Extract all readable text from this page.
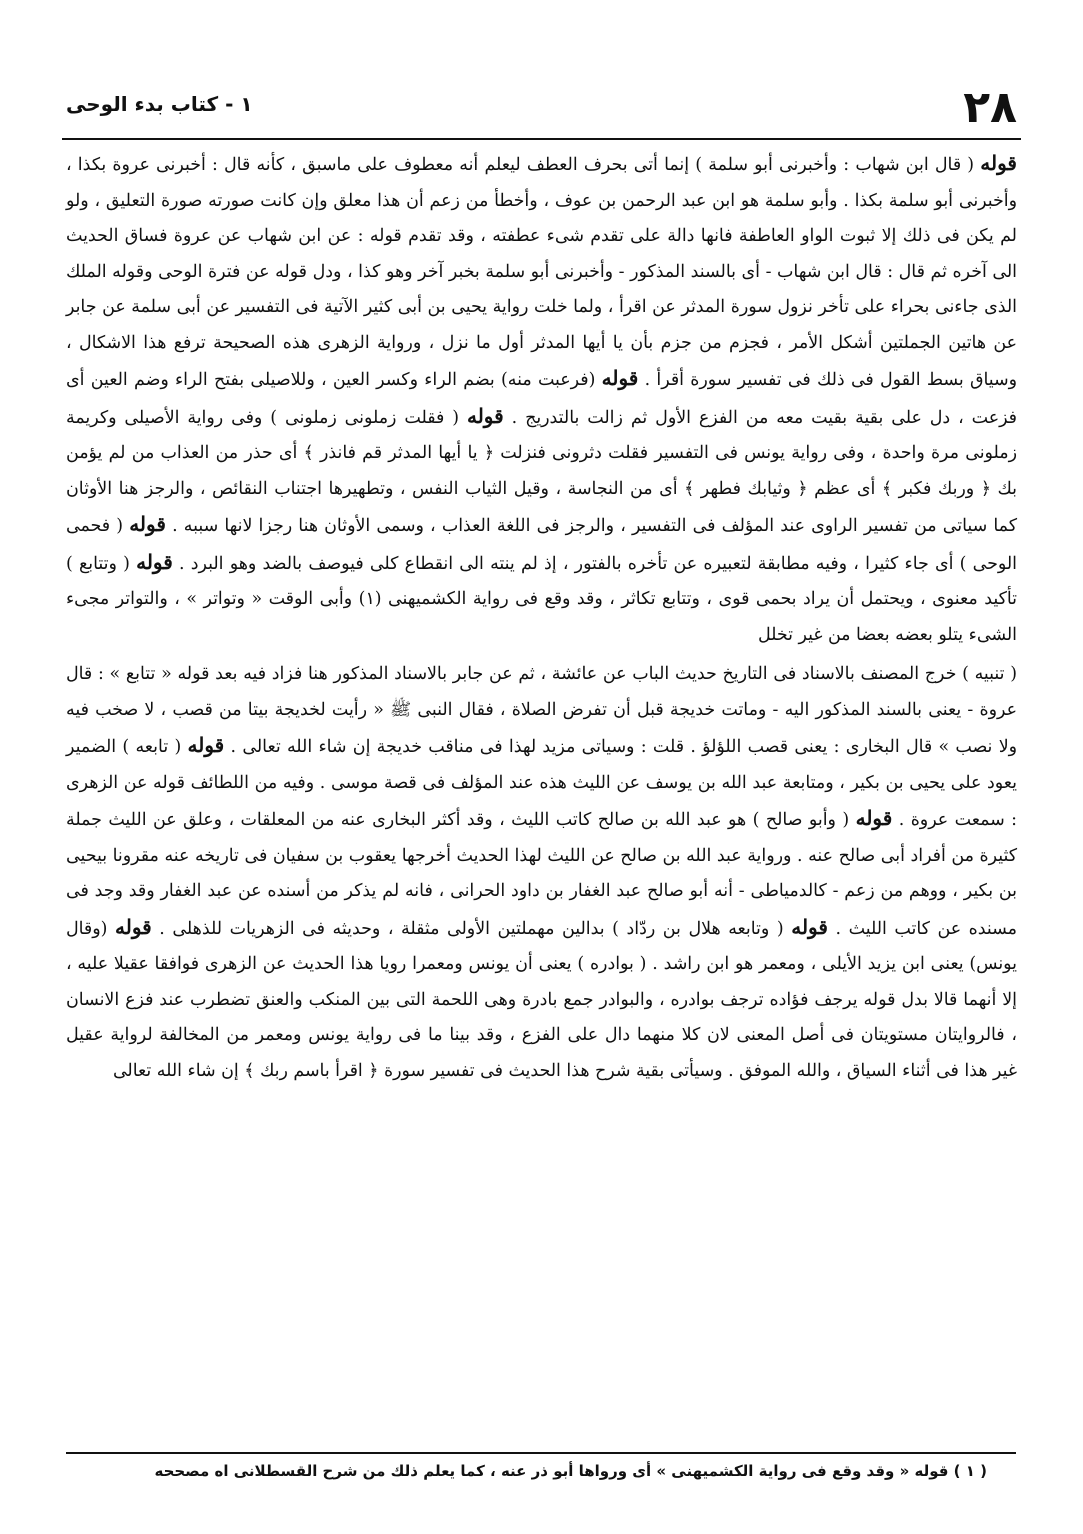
٢٨
١ - كتاب بدء الوحى

قوله ( قال ابن شهاب : وأخبرنى أبو سلمة ) إنما أتى بحرف العطف ليعلم أنه معطوف على ماسبق ، كأنه قال : أخبرنى عروة بكذا ، وأخبرنى أبو سلمة بكذا . وأبو سلمة هو ابن عبد الرحمن بن عوف ، وأخطأ من زعم أن هذا معلق وإن كانت صورته صورة التعليق ، ولو لم يكن فى ذلك إلا ثبوت الواو العاطفة فانها دالة على تقدم شىء عطفته ، وقد تقدم قوله : عن ابن شهاب عن عروة فساق الحديث الى آخره ثم قال : قال ابن شهاب - أى بالسند المذكور - وأخبرنى أبو سلمة بخبر آخر وهو كذا ، ودل قوله عن فترة الوحى وقوله الملك الذى جاءنى بحراء على تأخر نزول سورة المدثر عن اقرأ ، ولما خلت رواية يحيى بن أبى كثير الآتية فى التفسير عن أبى سلمة عن جابر عن هاتين الجملتين أشكل الأمر ، فجزم من جزم بأن يا أيها المدثر أول ما نزل ، ورواية الزهرى هذه الصحيحة ترفع هذا الاشكال ، وسياق بسط القول فى ذلك فى تفسير سورة أقرأ . قوله (فرعبت منه) بضم الراء وكسر العين ، وللاصيلى بفتح الراء وضم العين أى فزعت ، دل على بقية بقيت معه من الفزع الأول ثم زالت بالتدريج . قوله ( فقلت زملونى زملونى ) وفى رواية الأصيلى وكريمة زملونى مرة واحدة ، وفى رواية يونس فى التفسير فقلت دثرونى فنزلت ﴿ يا أيها المدثر قم فانذر ﴾ أى حذر من العذاب من لم يؤمن بك ﴿ وربك فكبر ﴾ أى عظم ﴿ وثيابك فطهر ﴾ أى من النجاسة ، وقيل الثياب النفس ، وتطهيرها اجتناب النقائص ، والرجز هنا الأوثان كما سياتى من تفسير الراوى عند المؤلف فى التفسير ، والرجز فى اللغة العذاب ، وسمى الأوثان هنا رجزا لانها سببه . قوله ( فحمى الوحى ) أى جاء كثيرا ، وفيه مطابقة لتعبيره عن تأخره بالفتور ، إذ لم ينته الى انقطاع كلى فيوصف بالضد وهو البرد . قوله ( وتتابع ) تأكيد معنوى ، ويحتمل أن يراد بحمى قوى ، وتتابع تكاثر ، وقد وقع فى رواية الكشميهنى (١) وأبى الوقت « وتواتر » ، والتواتر مجىء الشىء يتلو بعضه بعضا من غير تخلل

( تنبيه ) خرج المصنف بالاسناد فى التاريخ حديث الباب عن عائشة ، ثم عن جابر بالاسناد المذكور هنا فزاد فيه بعد قوله « تتابع » : قال عروة - يعنى بالسند المذكور اليه - وماتت خديجة قبل أن تفرض الصلاة ، فقال النبى ﷺ « رأيت لخديجة بيتا من قصب ، لا صخب فيه ولا نصب » قال البخارى : يعنى قصب اللؤلؤ . قلت : وسياتى مزيد لهذا فى مناقب خديجة إن شاء الله تعالى . قوله ( تابعه ) الضمير يعود على يحيى بن بكير ، ومتابعة عبد الله بن يوسف عن الليث هذه عند المؤلف فى قصة موسى . وفيه من اللطائف قوله عن الزهرى : سمعت عروة . قوله ( وأبو صالح ) هو عبد الله بن صالح كاتب الليث ، وقد أكثر البخارى عنه من المعلقات ، وعلق عن الليث جملة كثيرة من أفراد أبى صالح عنه . ورواية عبد الله بن صالح عن الليث لهذا الحديث أخرجها يعقوب بن سفيان فى تاريخه عنه مقرونا بيحيى بن بكير ، ووهم من زعم - كالدمياطى - أنه أبو صالح عبد الغفار بن داود الحرانى ، فانه لم يذكر من أسنده عن عبد الغفار وقد وجد فى مسنده عن كاتب الليث . قوله ( وتابعه هلال بن ردّاد ) بدالين مهملتين الأولى مثقلة ، وحديثه فى الزهريات للذهلى . قوله (وقال يونس) يعنى ابن يزيد الأيلى ، ومعمر هو ابن راشد . ( بوادره ) يعنى أن يونس ومعمرا رويا هذا الحديث عن الزهرى فوافقا عقيلا عليه ، إلا أنهما قالا بدل قوله يرجف فؤاده ترجف بوادره ، والبوادر جمع بادرة وهى اللحمة التى بين المنكب والعنق تضطرب عند فزع الانسان ، فالروايتان مستويتان فى أصل المعنى لان كلا منهما دال على الفزع ، وقد بينا ما فى رواية يونس ومعمر من المخالفة لرواية عقيل غير هذا فى أثناء السياق ، والله الموفق . وسيأتى بقية شرح هذا الحديث فى تفسير سورة ﴿ اقرأ باسم ربك ﴾ إن شاء الله تعالى

( ١ ) قوله « وقد وقع فى رواية الكشميهنى » أى ورواها أبو ذر عنه ، كما يعلم ذلك من شرح القسطلانى اه مصححه
